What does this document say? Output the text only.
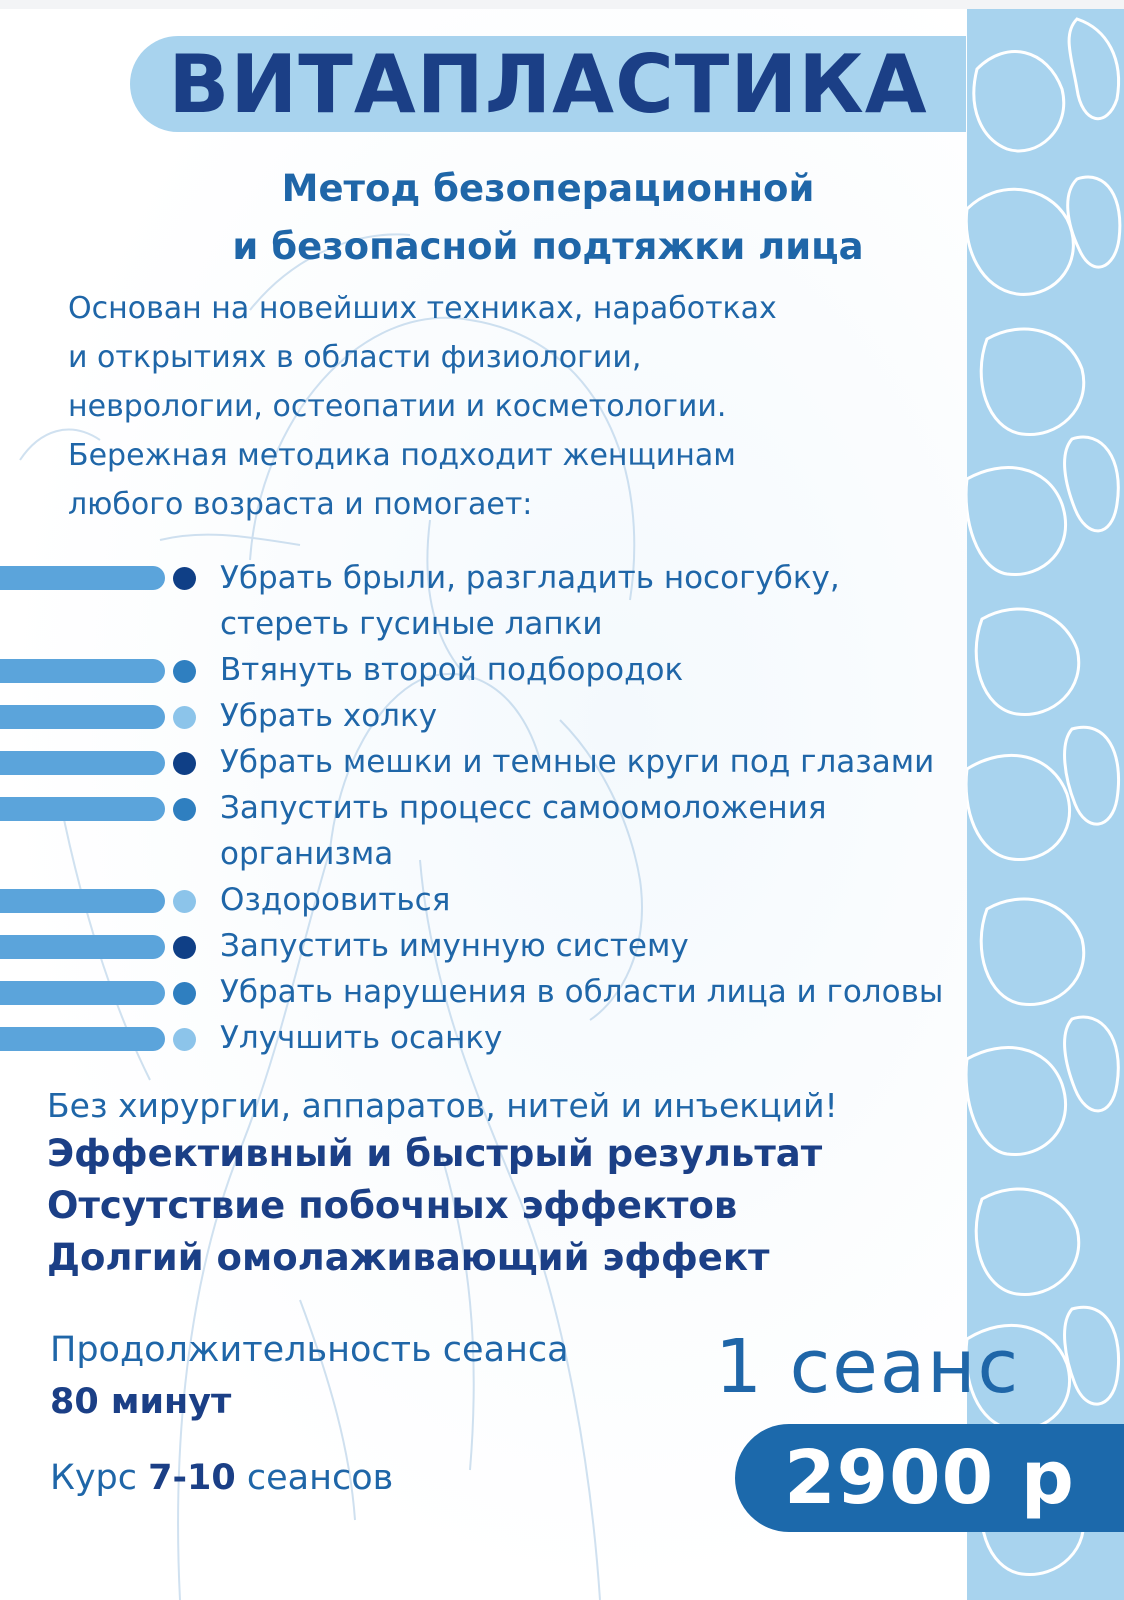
ВИТАПЛАСТИКА
Метод безоперационной
и безопасной подтяжки лица
Основан на новейших техниках, наработках
и открытиях в области физиологии,
неврологии, остеопатии и косметологии.
Бережная методика подходит женщинам
любого возраста и помогает:
Убрать брыли, разгладить носогубку,
стереть гусиные лапки
Втянуть второй подбородок
Убрать холку
Убрать мешки и темные круги под глазами
Запустить процесс самоомоложения
организма
Оздоровиться
Запустить имунную систему
Убрать нарушения в области лица и головы
Улучшить осанку

Без хирургии, аппаратов, нитей и инъекций!

Эффективный и быстрый результат

Отсутствие побочных эффектов

Долгий омолаживающий эффект

Продолжительность сеанса
80 минут
Курс 7-10 сеансов
1 сеанс
2900 р
